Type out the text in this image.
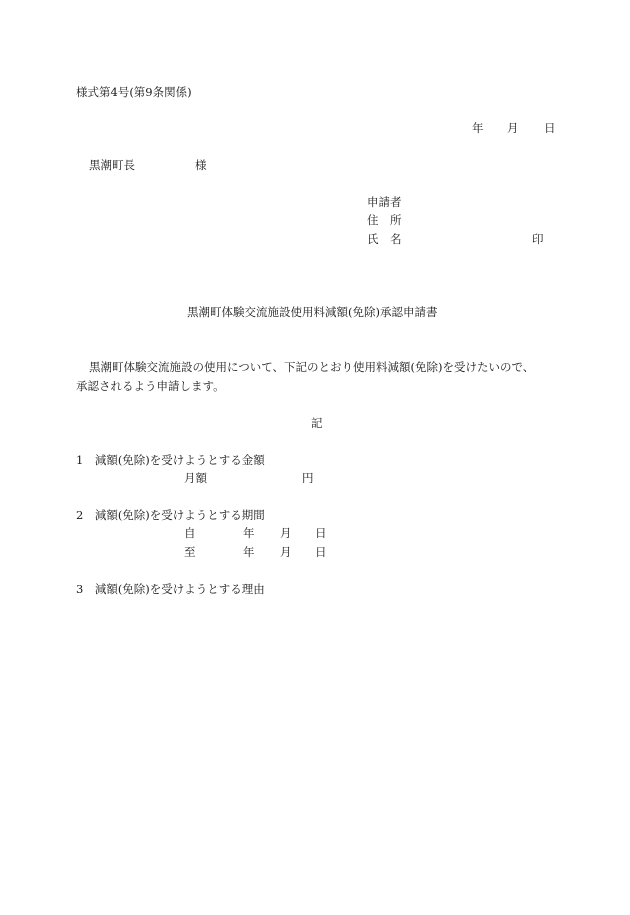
様式第4号(第9条関係)
年 月 日
黒潮町長	様
申請者
住　所
氏　名	印
黒潮町体験交流施設使用料減額(免除)承認申請書
黒潮町体験交流施設の使用について、下記のとおり使用料減額(免除)を受けたいので、
承認されるよう申請します。
記
1　減額(免除)を受けようとする金額
月額	円
2　減額(免除)を受けようとする期間
自	年 月 日
至	年 月 日
3　減額(免除)を受けようとする理由
